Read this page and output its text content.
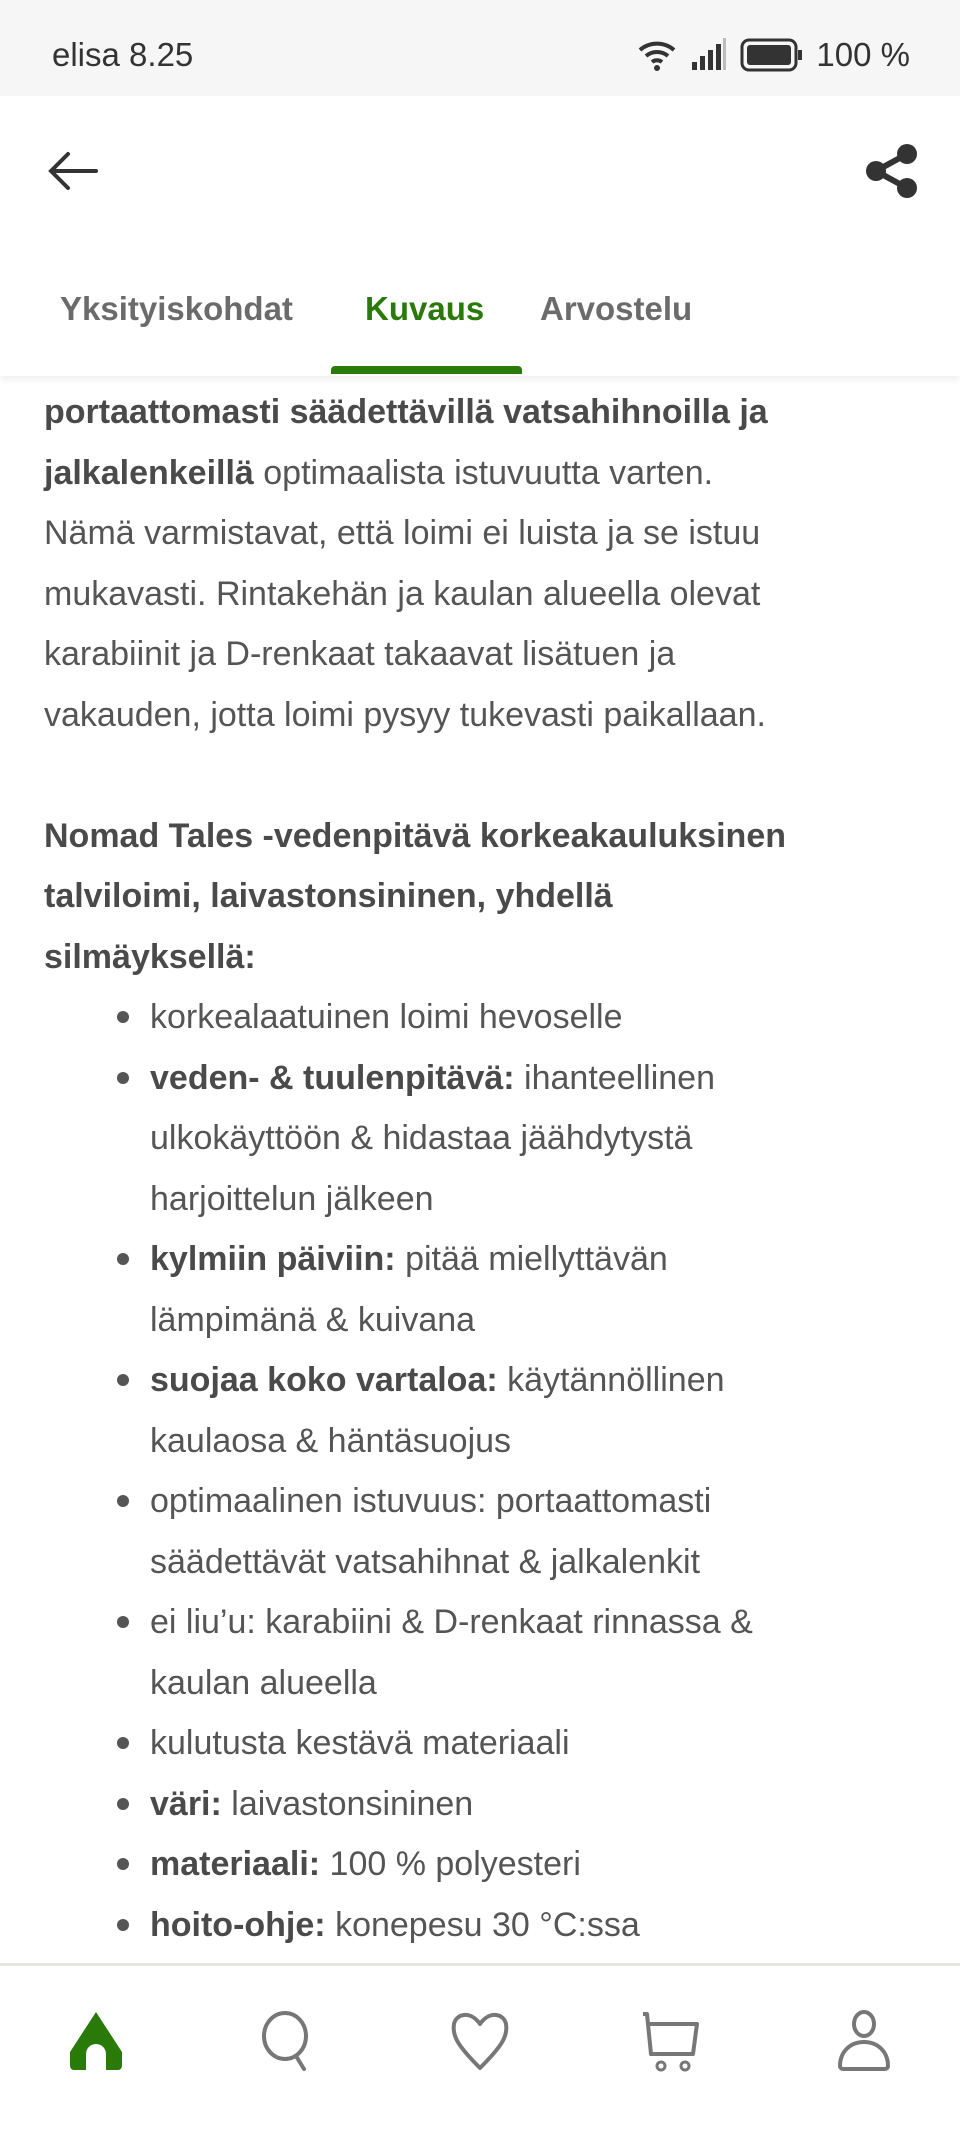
elisa 8.25	100 %
Yksityiskohdat Kuvaus Arvostelu
portaattomasti säädettävillä vatsahihnoilla ja
jalkalenkeillä optimaalista istuvuutta varten.
Nämä varmistavat, että loimi ei luista ja se istuu
mukavasti. Rintakehän ja kaulan alueella olevat
karabiinit ja D-renkaat takaavat lisätuen ja
vakauden, jotta loimi pysyy tukevasti paikallaan.
Nomad Tales -vedenpitävä korkeakauluksinen
talviloimi, laivastonsininen, yhdellä
silmäyksellä:
korkealaatuinen loimi hevoselle
veden- & tuulenpitävä: ihanteellinen
ulkokäyttöön & hidastaa jäähdytystä
harjoittelun jälkeen
kylmiin päiviin: pitää miellyttävän
lämpimänä & kuivana
suojaa koko vartaloa: käytännöllinen
kaulaosa & häntäsuojus
optimaalinen istuvuus: portaattomasti
säädettävät vatsahihnat & jalkalenkit
ei liu’u: karabiini & D-renkaat rinnassa &
kaulan alueella
kulutusta kestävä materiaali
väri: laivastonsininen
materiaali: 100 % polyesteri
hoito-ohje: konepesu 30 °C:ssa
